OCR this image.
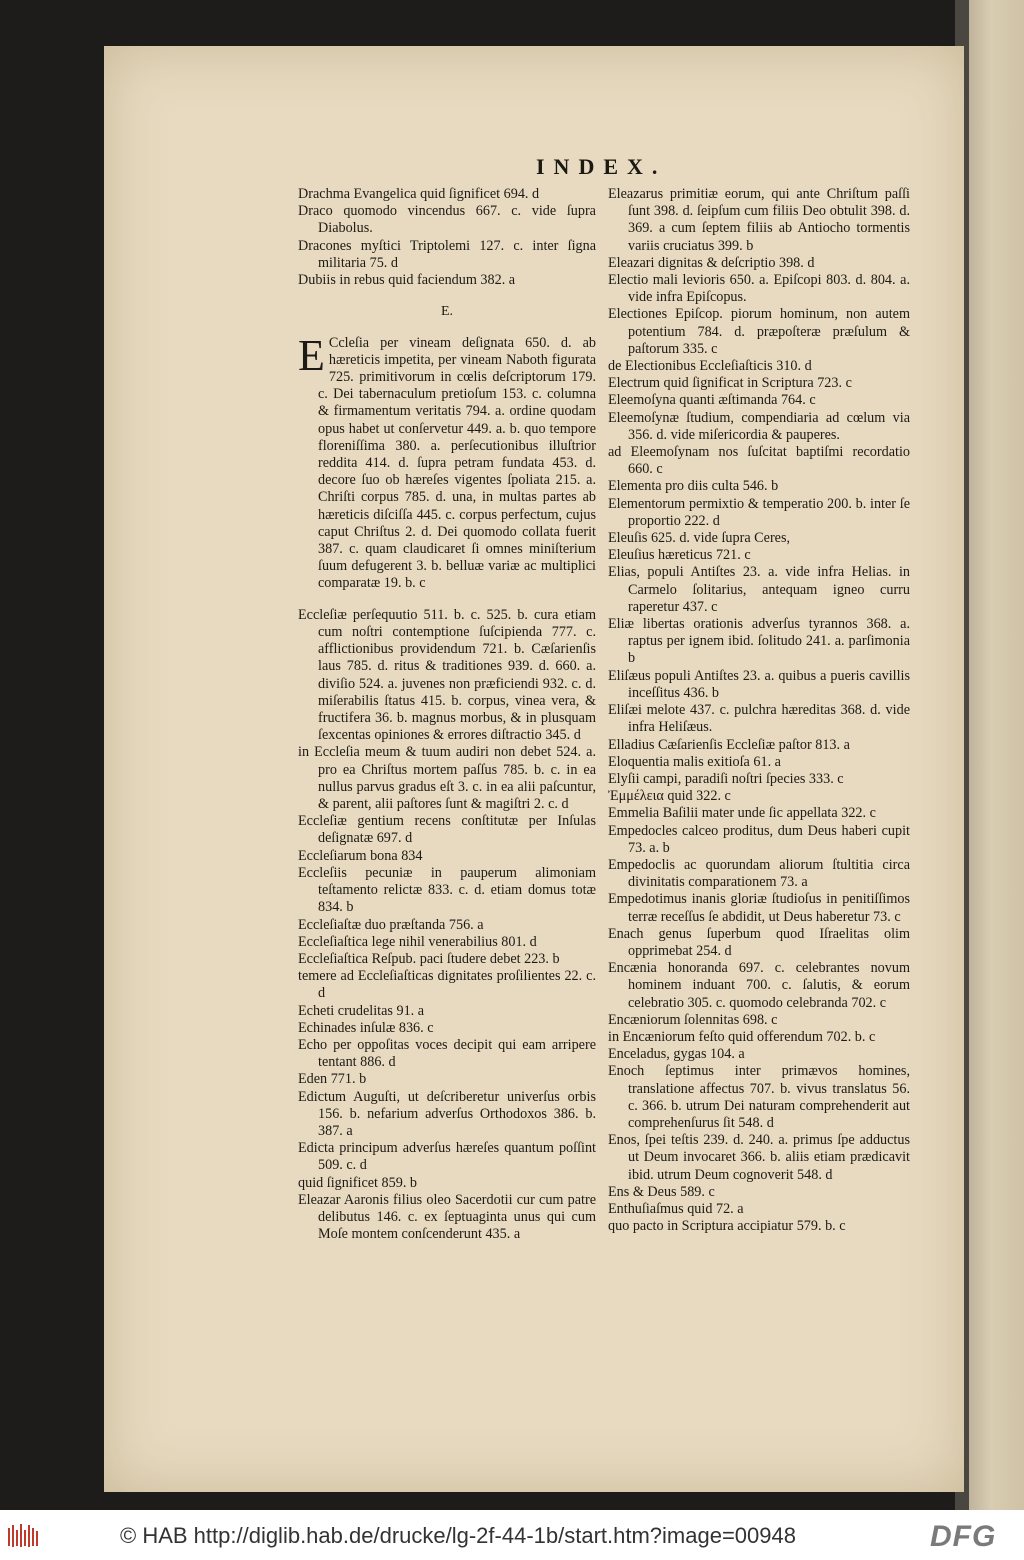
INDEX.

Drachma Evangelica quid ſignificet 694. d

Draco quomodo vincendus 667. c. vide ſupra Diabolus.

Dracones myſtici Triptolemi 127. c. inter ſigna militaria 75. d

Dubiis in rebus quid faciendum 382. a

E.

E Ccleſia per vineam deſignata 650. d. ab hæreticis impetita, per vineam Naboth figurata 725. primitivorum in cœlis deſcriptorum 179. c. Dei tabernaculum pretioſum 153. c. columna & firmamentum veritatis 794. a. ordine quodam opus habet ut conſervetur 449. a. b. quo tempore floreniſſima 380. a. perſecutionibus illuſtrior reddita 414. d. ſupra petram fundata 453. d. decore ſuo ob hæreſes vigentes ſpoliata 215. a. Chriſti corpus 785. d. una, in multas partes ab hæreticis diſciſſa 445. c. corpus perfectum, cujus caput Chriſtus 2. d. Dei quomodo collata fuerit 387. c. quam claudicaret ſi omnes miniſterium ſuum defugerent 3. b. belluæ variæ ac multiplici comparatæ 19. b. c

Eccleſiæ perſequutio 511. b. c. 525. b. cura etiam cum noſtri contemptione ſuſcipienda 777. c. afflictionibus providendum 721. b. Cæſarienſis laus 785. d. ritus & traditiones 939. d. 660. a. diviſio 524. a. juvenes non præficiendi 932. c. d. miſerabilis ſtatus 415. b. corpus, vinea vera, & fructifera 36. b. magnus morbus, & in plusquam ſexcentas opiniones & errores diſtractio 345. d

in Eccleſia meum & tuum audiri non debet 524. a. pro ea Chriſtus mortem paſſus 785. b. c. in ea nullus parvus gradus eſt 3. c. in ea alii paſcuntur, & parent, alii paſtores ſunt & magiſtri 2. c. d

Eccleſiæ gentium recens conſtitutæ per Inſulas deſignatæ 697. d

Eccleſiarum bona 834

Eccleſiis pecuniæ in pauperum alimoniam teſtamento relictæ 833. c. d. etiam domus totæ 834. b

Eccleſiaſtæ duo præſtanda 756. a

Eccleſiaſtica lege nihil venerabilius 801. d

Eccleſiaſtica Reſpub. paci ſtudere debet 223. b

temere ad Eccleſiaſticas dignitates proſilientes 22. c. d

Echeti crudelitas 91. a

Echinades inſulæ 836. c

Echo per oppoſitas voces decipit qui eam arripere tentant 886. d

Eden 771. b

Edictum Auguſti, ut deſcriberetur univerſus orbis 156. b. nefarium adverſus Orthodoxos 386. b. 387. a

Edicta principum adverſus hæreſes quantum poſſint 509. c. d

quid ſignificet 859. b

Eleazar Aaronis filius oleo Sacerdotii cur cum patre delibutus 146. c. ex ſeptuaginta unus qui cum Moſe montem conſcenderunt 435. a

Eleazarus primitiæ eorum, qui ante Chriſtum paſſi ſunt 398. d. ſeipſum cum filiis Deo obtulit 398. d. 369. a cum ſeptem filiis ab Antiocho tormentis variis cruciatus 399. b

Eleazari dignitas & deſcriptio 398. d

Electio mali levioris 650. a. Epiſcopi 803. d. 804. a. vide infra Epiſcopus.

Electiones Epiſcop. piorum hominum, non autem potentium 784. d. præpoſteræ præſulum & paſtorum 335. c

de Electionibus Eccleſiaſticis 310. d

Electrum quid ſignificat in Scriptura 723. c

Eleemoſyna quanti æſtimanda 764. c

Eleemoſynæ ſtudium, compendiaria ad cœlum via 356. d. vide miſericordia & pauperes.

ad Eleemoſynam nos ſuſcitat baptiſmi recordatio 660. c

Elementa pro diis culta 546. b

Elementorum permixtio & temperatio 200. b. inter ſe proportio 222. d

Eleuſis 625. d. vide ſupra Ceres,

Eleuſius hæreticus 721. c

Elias, populi Antiſtes 23. a. vide infra Helias. in Carmelo ſolitarius, antequam igneo curru raperetur 437. c

Eliæ libertas orationis adverſus tyrannos 368. a. raptus per ignem ibid. ſolitudo 241. a. parſimonia b

Eliſæus populi Antiſtes 23. a. quibus a pueris cavillis inceſſitus 436. b

Eliſæi melote 437. c. pulchra hæreditas 368. d. vide infra Heliſæus.

Elladius Cæſarienſis Eccleſiæ paſtor 813. a

Eloquentia malis exitioſa 61. a

Elyſii campi, paradiſi noſtri ſpecies 333. c

Ἐμμέλεια quid 322. c

Emmelia Baſilii mater unde ſic appellata 322. c

Empedocles calceo proditus, dum Deus haberi cupit 73. a. b

Empedoclis ac quorundam aliorum ſtultitia circa divinitatis comparationem 73. a

Empedotimus inanis gloriæ ſtudioſus in penitiſſimos terræ receſſus ſe abdidit, ut Deus haberetur 73. c

Enach genus ſuperbum quod Iſraelitas olim opprimebat 254. d

Encænia honoranda 697. c. celebrantes novum hominem induant 700. c. ſalutis, & eorum celebratio 305. c. quomodo celebranda 702. c

Encæniorum ſolennitas 698. c

in Encæniorum feſto quid offerendum 702. b. c

Enceladus, gygas 104. a

Enoch ſeptimus inter primævos homines, translatione affectus 707. b. vivus translatus 56. c. 366. b. utrum Dei naturam comprehenderit aut comprehenſurus ſit 548. d

Enos, ſpei teſtis 239. d. 240. a. primus ſpe adductus ut Deum invocaret 366. b. aliis etiam prædicavit ibid. utrum Deum cognoverit 548. d

Ens & Deus 589. c

Enthuſiaſmus quid 72. a

quo pacto in Scriptura accipiatur 579. b. c

© HAB http://diglib.hab.de/drucke/lg-2f-44-1b/start.htm?image=00948	DFG
